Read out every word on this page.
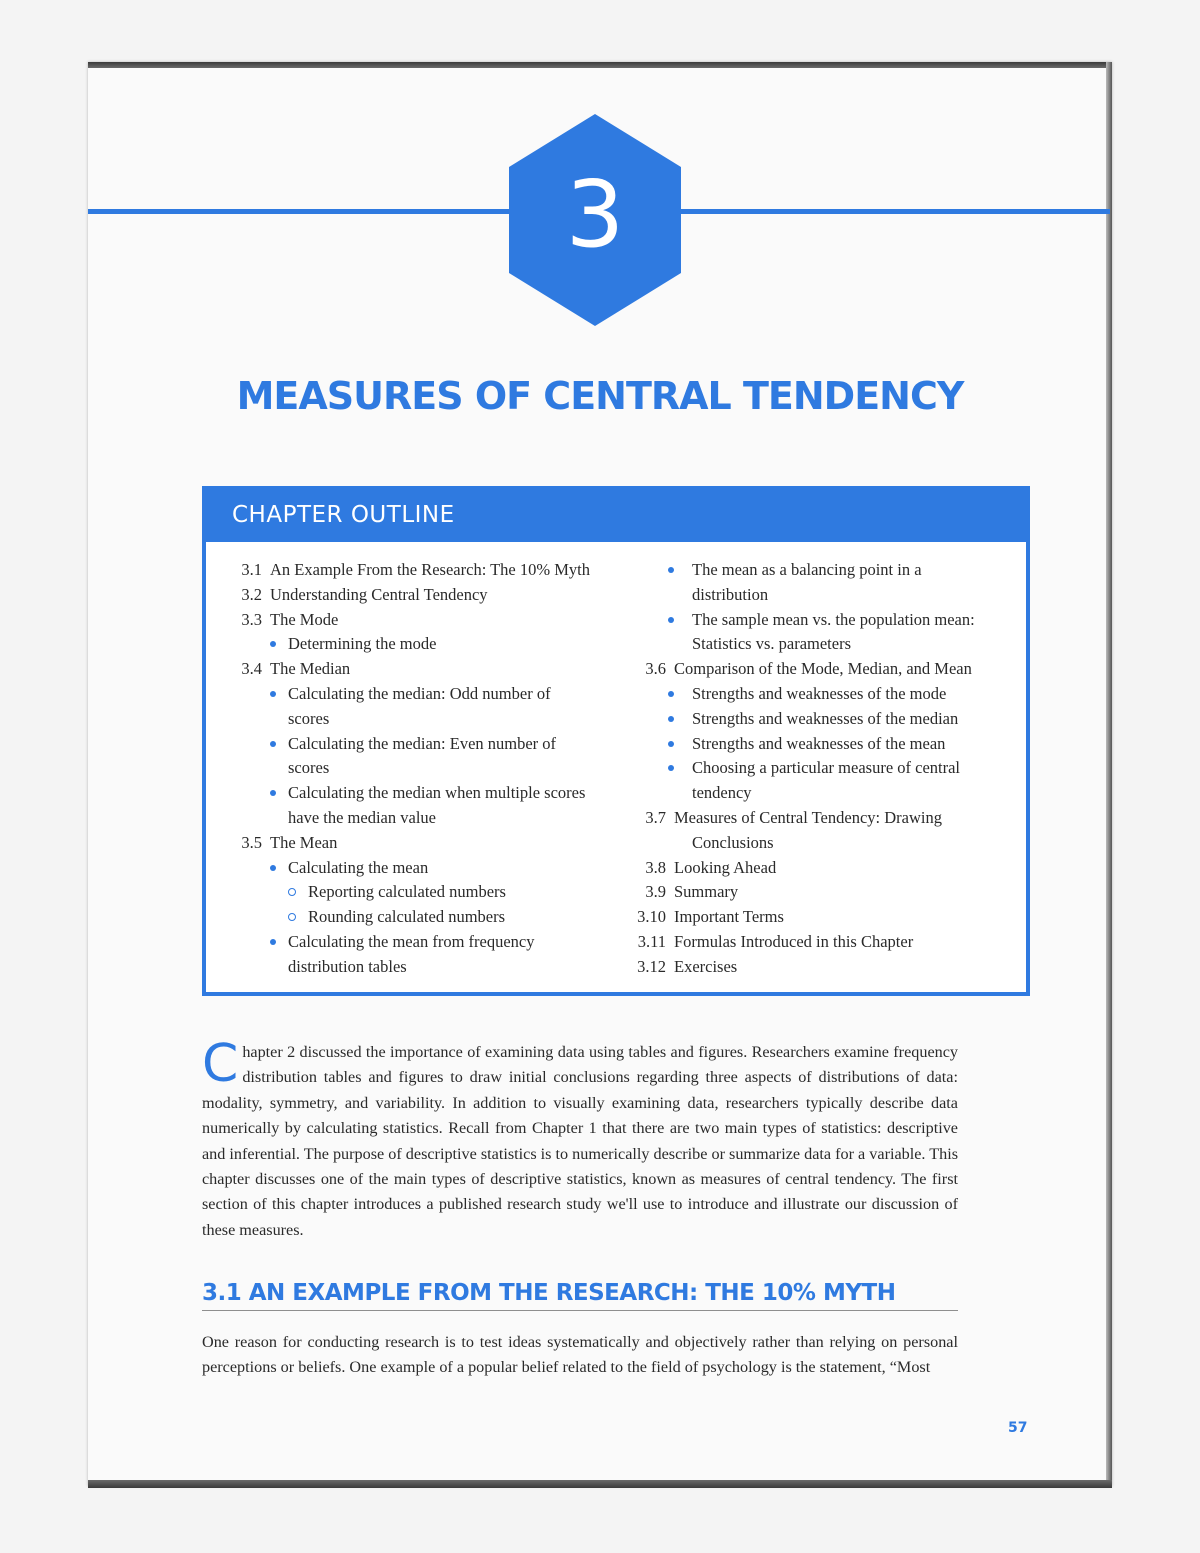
3
MEASURES OF CENTRAL TENDENCY
CHAPTER OUTLINE
3.1 An Example From the Research: The 10% Myth
3.2 Understanding Central Tendency
3.3 The Mode
Determining the mode
3.4 The Median
Calculating the median: Odd number of
scores
Calculating the median: Even number of
scores
Calculating the median when multiple scores
have the median value
3.5 The Mean
Calculating the mean
Reporting calculated numbers
Rounding calculated numbers
Calculating the mean from frequency
distribution tables
The mean as a balancing point in a
distribution
The sample mean vs. the population mean:
Statistics vs. parameters
3.6 Comparison of the Mode, Median, and Mean
Strengths and weaknesses of the mode
Strengths and weaknesses of the median
Strengths and weaknesses of the mean
Choosing a particular measure of central
tendency
3.7 Measures of Central Tendency: Drawing
Conclusions
3.8 Looking Ahead
3.9 Summary
3.10 Important Terms
3.11 Formulas Introduced in this Chapter
3.12 Exercises

Chapter 2 discussed the importance of examining data using tables and figures. Researchers examine frequency distribution tables and figures to draw initial conclusions regarding three aspects of distributions of data: modality, symmetry, and variability. In addition to visually examining data, researchers typically describe data numerically by calculating statistics. Recall from Chapter 1 that there are two main types of statistics: descriptive and inferential. The purpose of descriptive statistics is to numerically describe or summarize data for a variable. This chapter discusses one of the main types of descriptive statistics, known as measures of central tendency. The first section of this chapter introduces a published research study we'll use to introduce and illustrate our discussion of these measures.

3.1 AN EXAMPLE FROM THE RESEARCH: THE 10% MYTH

One reason for conducting research is to test ideas systematically and objectively rather than relying on personal perceptions or beliefs. One example of a popular belief related to the field of psychology is the statement, “Most

57
